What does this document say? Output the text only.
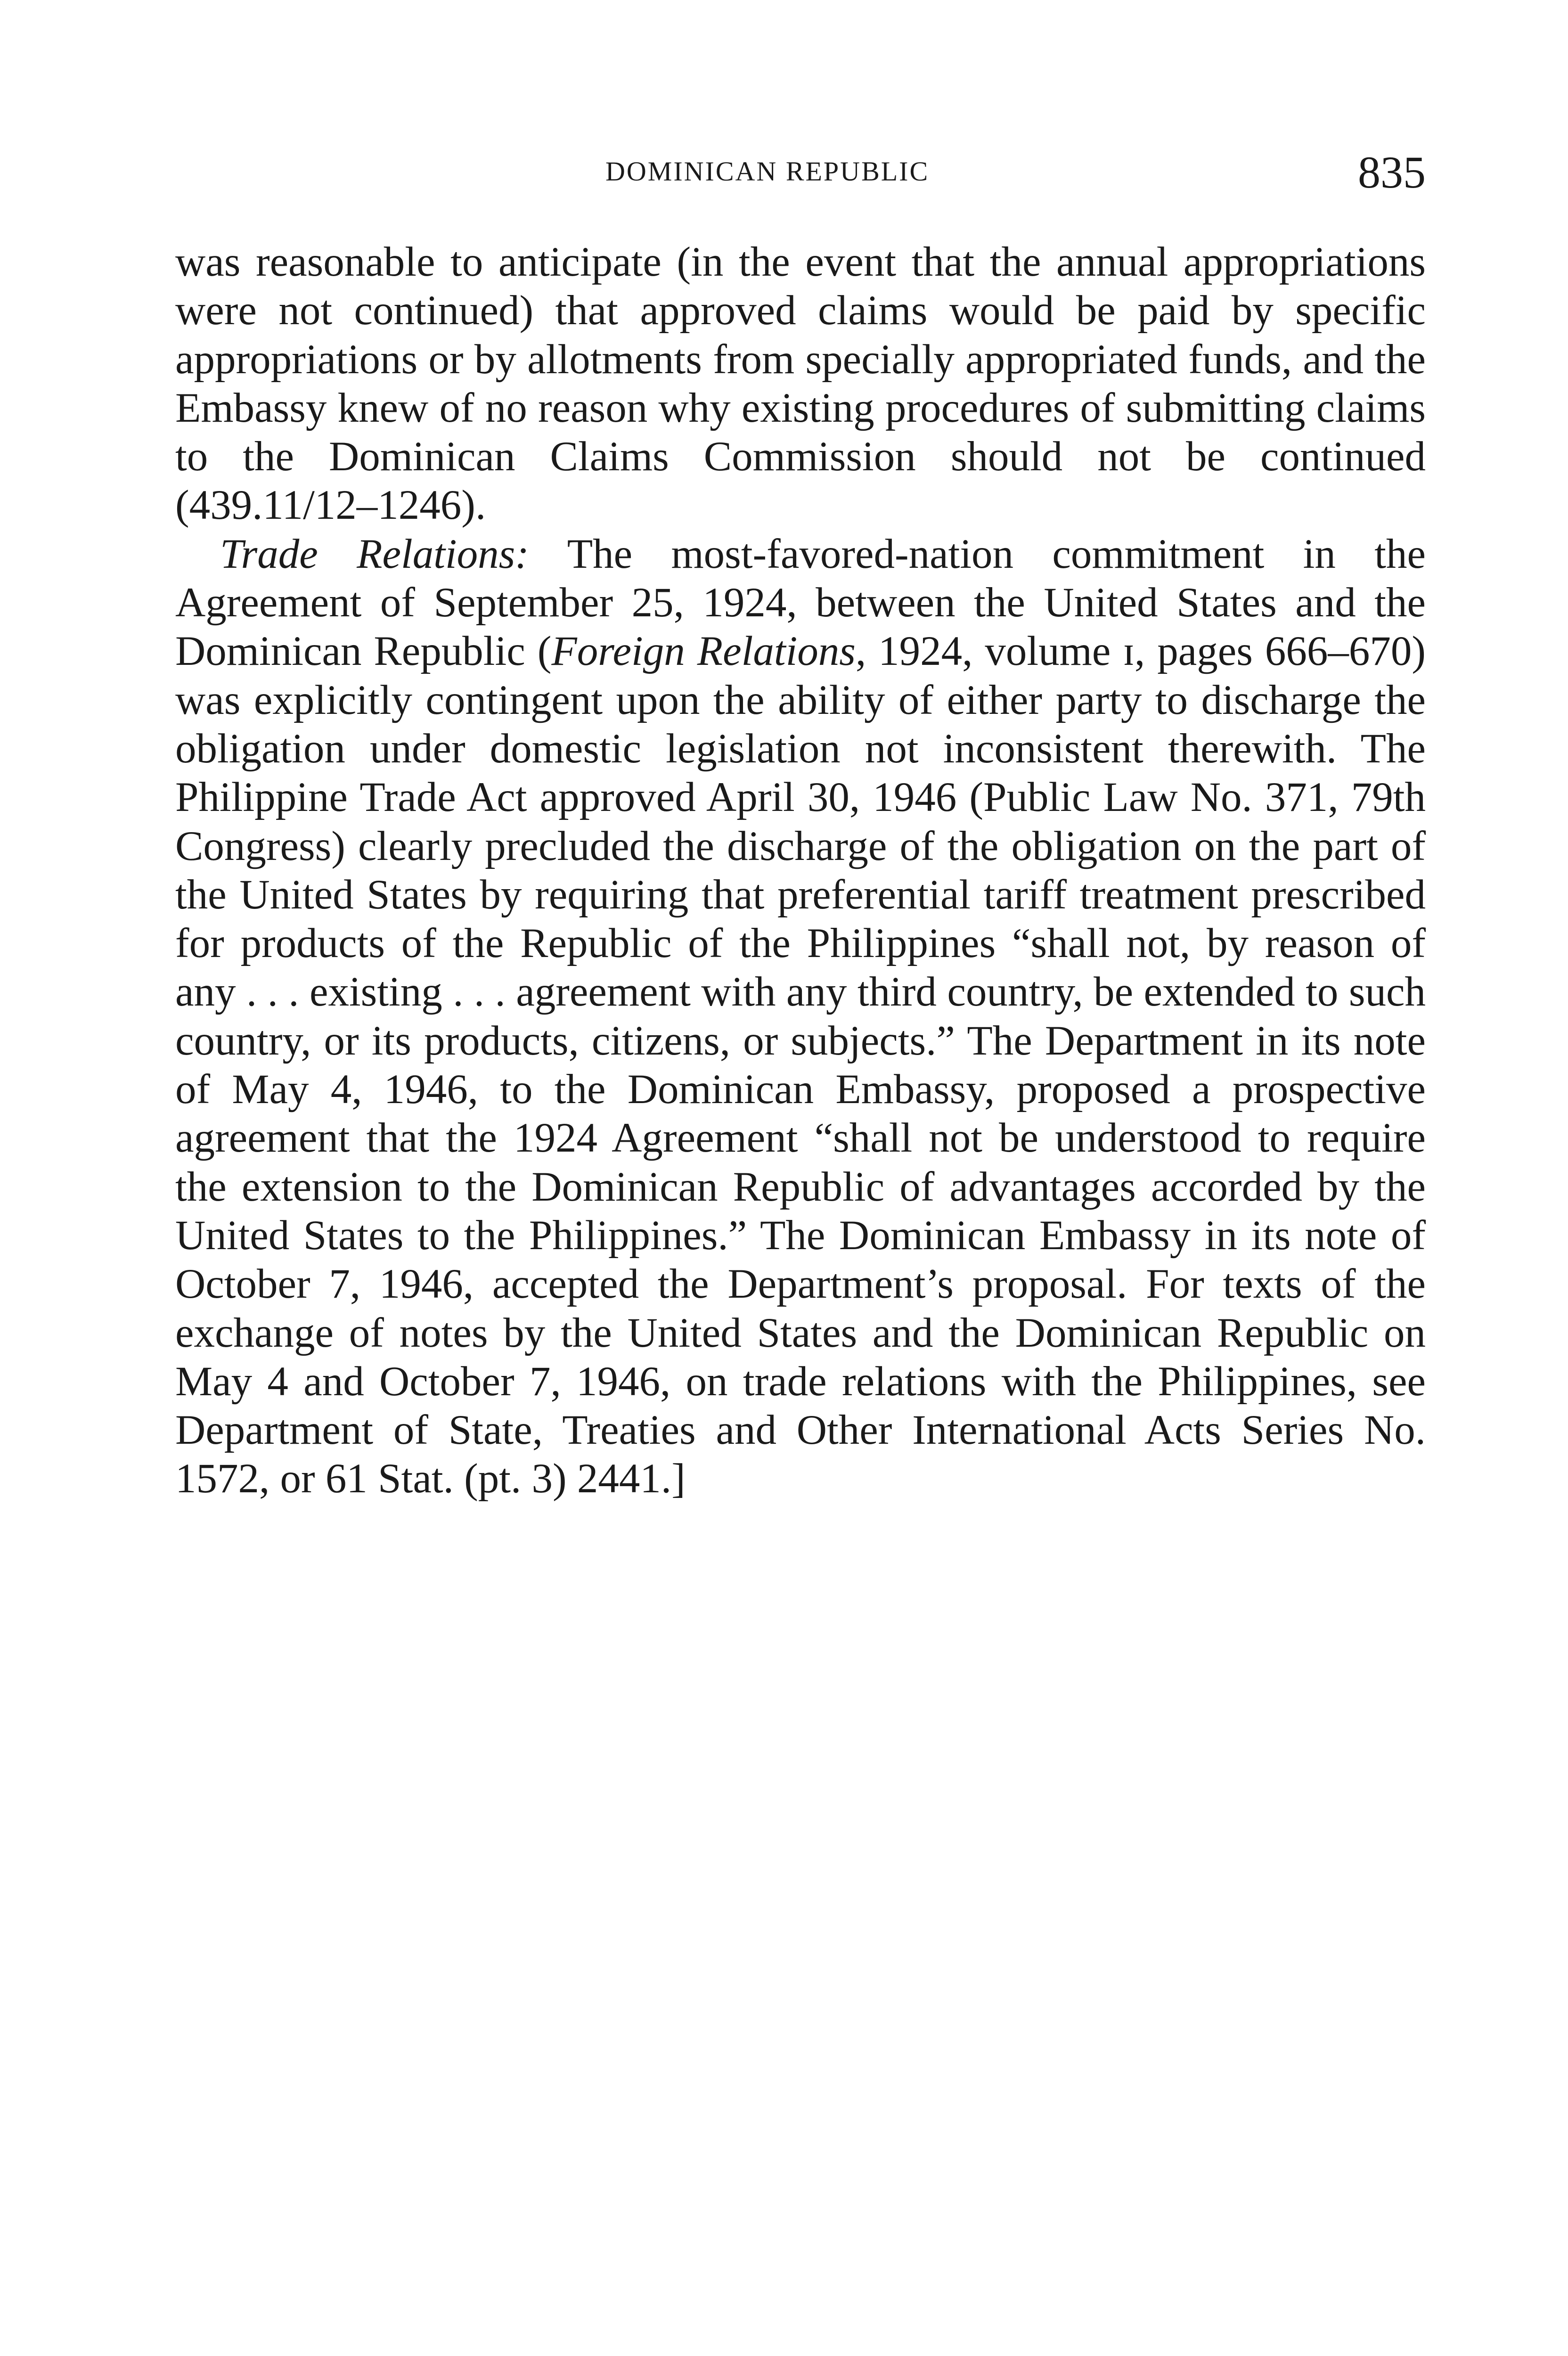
DOMINICAN REPUBLIC	835

was reasonable to anticipate (in the event that the annual appropriations were not continued) that approved claims would be paid by specific appropriations or by allotments from specially appropriated funds, and the Embassy knew of no reason why existing procedures of submitting claims to the Dominican Claims Commission should not be continued (439.11/12–1246).

Trade Relations: The most-favored-nation commitment in the Agreement of September 25, 1924, between the United States and the Dominican Republic (Foreign Relations, 1924, volume ɪ, pages 666–670) was explicitly contingent upon the ability of either party to discharge the obligation under domestic legislation not inconsistent therewith. The Philippine Trade Act approved April 30, 1946 (Public Law No. 371, 79th Congress) clearly precluded the discharge of the obligation on the part of the United States by requiring that preferential tariff treatment prescribed for products of the Republic of the Philippines “shall not, by reason of any . . . existing . . . agreement with any third country, be extended to such country, or its products, citizens, or subjects.” The Department in its note of May 4, 1946, to the Dominican Embassy, proposed a prospective agreement that the 1924 Agreement “shall not be understood to require the extension to the Dominican Republic of advantages accorded by the United States to the Philippines.” The Dominican Embassy in its note of October 7, 1946, accepted the Department’s proposal. For texts of the exchange of notes by the United States and the Dominican Republic on May 4 and October 7, 1946, on trade relations with the Philippines, see Department of State, Treaties and Other International Acts Series No. 1572, or 61 Stat. (pt. 3) 2441.]
